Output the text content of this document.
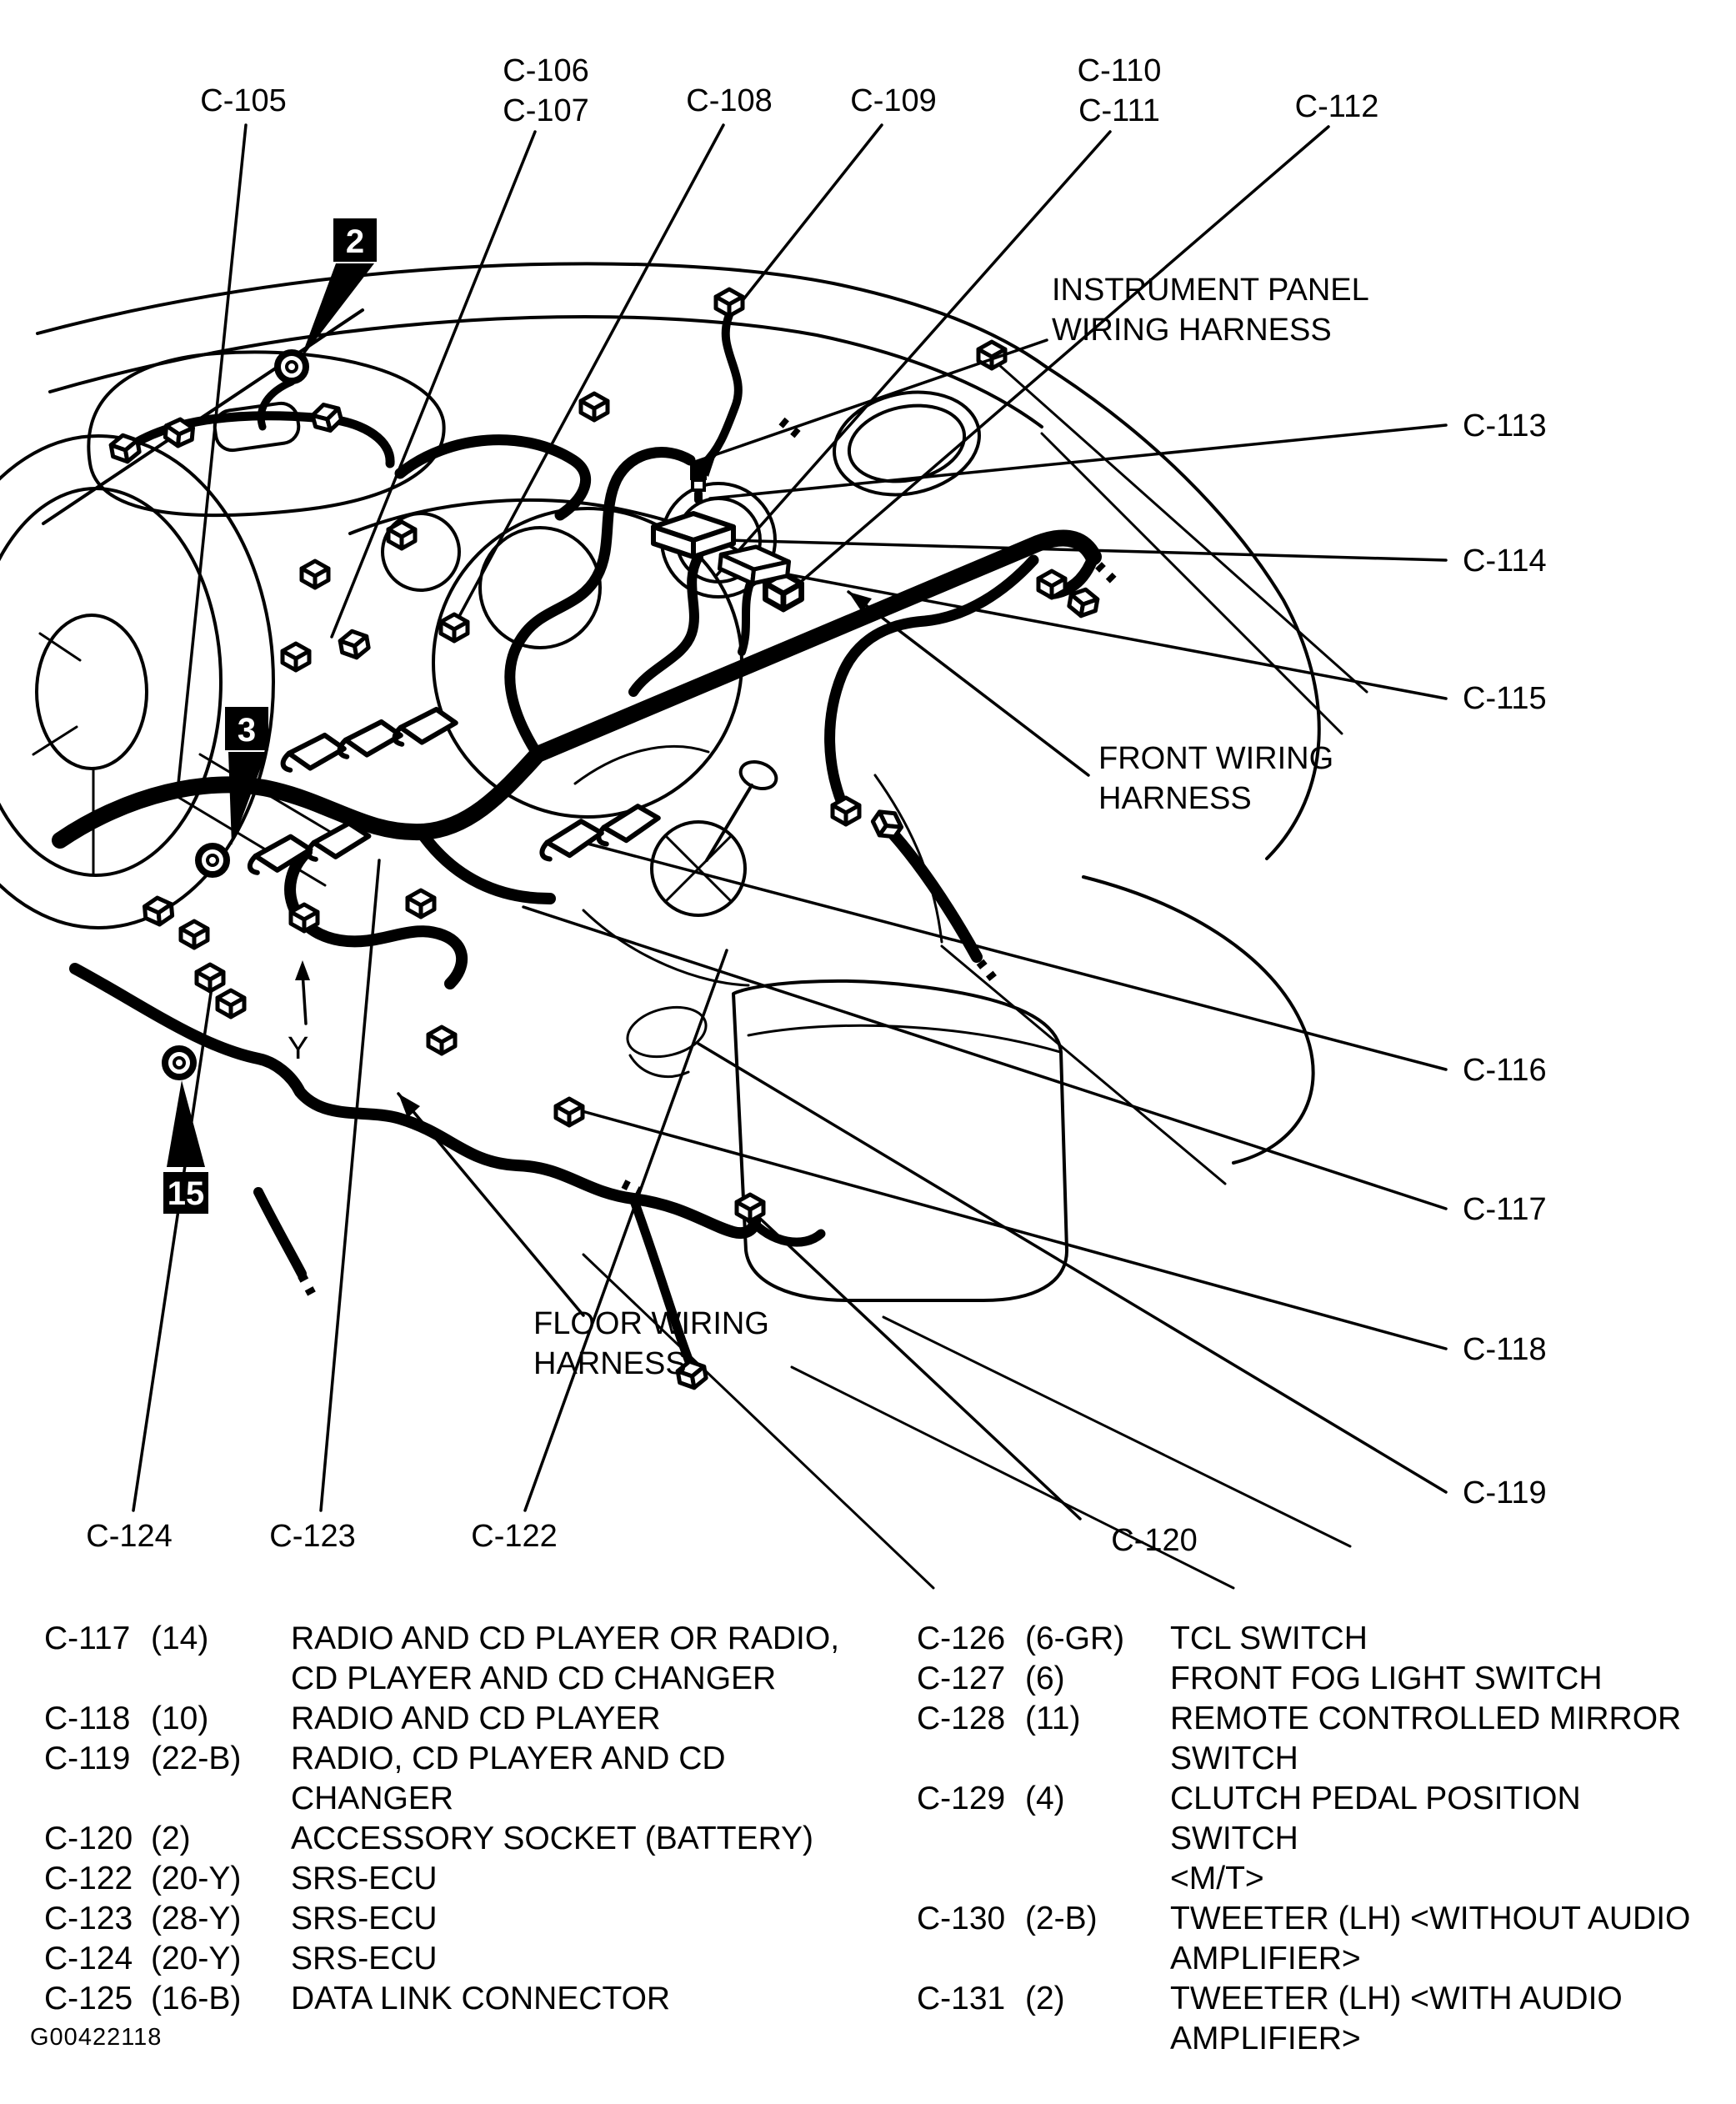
2
3
15
C-105
C-106
C-107	C-108 C-109
C-110
C-111	C-112
C-113
C-114
C-115
C-116
C-117
C-118
C-119
C-120
C-122
C-123
C-124
INSTRUMENT PANEL
WIRING HARNESS
FRONT WIRING
HARNESS
FLOOR WIRING
HARNESS
Y
C-117 (14)	RADIO AND CD PLAYER OR RADIO,
CD PLAYER AND CD CHANGER
C-118 (10)	RADIO AND CD PLAYER
C-119 (22-B)	RADIO, CD PLAYER AND CD
CHANGER
C-120 (2)	ACCESSORY SOCKET (BATTERY)
C-122 (20-Y)	SRS-ECU
C-123 (28-Y)	SRS-ECU
C-124 (20-Y)	SRS-ECU
C-125 (16-B)	DATA LINK CONNECTOR
C-126 (6-GR)	TCL SWITCH
C-127 (6)	FRONT FOG LIGHT SWITCH
C-128 (11)	REMOTE CONTROLLED MIRROR
SWITCH
C-129 (4)	CLUTCH PEDAL POSITION SWITCH
<M/T>
C-130 (2-B)	TWEETER (LH) <WITHOUT AUDIO
AMPLIFIER>
C-131 (2)	TWEETER (LH) <WITH AUDIO
AMPLIFIER>
G00422118
